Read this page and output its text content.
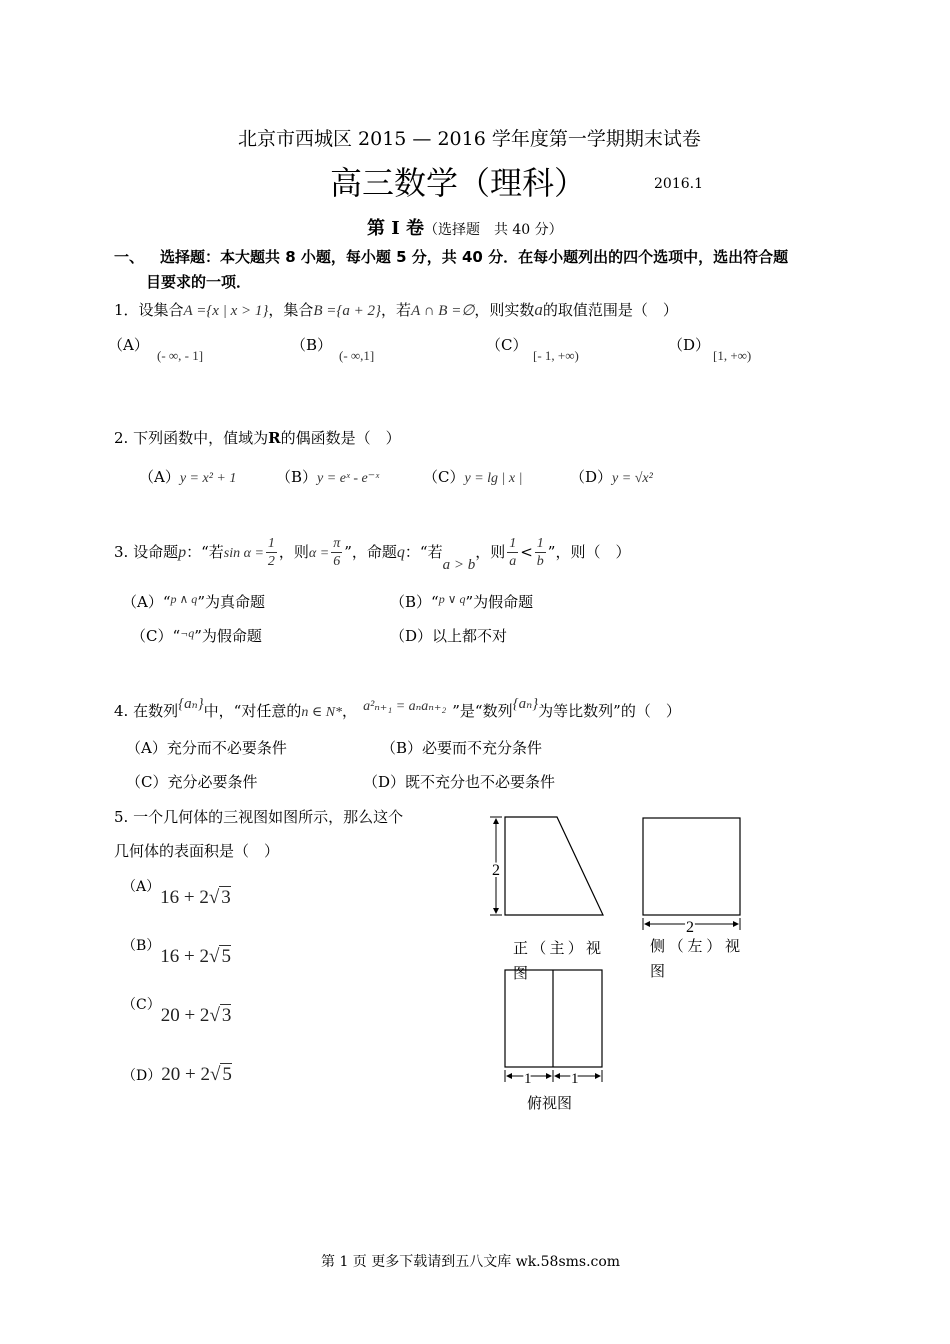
北京市西城区 2015 — 2016 学年度第一学期期末试卷
高三数学（理科）	2016.1
第 I 卷（选择题　共 40 分）
一、 选择题：本大题共 8 小题，每小题 5 分，共 40 分．在每小题列出的四个选项中，选出符合题
目要求的一项．
1．设集合A ={x | x > 1}，集合B ={a + 2}，若A ∩ B =∅，则实数a的取值范围是（　）
（A）
(- ∞, - 1]
（B）
(- ∞,1]
（C）
[- 1, +∞)
（D）
[1, +∞)
2. 下列函数中，值域为R的偶函数是（　）
（A）y = x² + 1	（B）y = eˣ - e⁻ˣ	（C）y = lg | x |	（D）y = √x²
3. 设命题p：“若$\sin \alpha = \frac{1}{2}$ ，则$\alpha = \frac{\pi}{6}$ ”，命题q：“若a > b，则 $\frac{1}{a} < \frac{1}{b}$ ”，则（　）
（A）“$^{p \wedge q}$”为真命题	（B）“$^{p \vee q}$”为假命题
（C）“$^{\neg q}$”为假命题	（D）以上都不对
4. 在数列{aₙ}中，“对任意的n ∈ N*， a²ₙ₊₁ = aₙaₙ₊₂ ”是“数列{aₙ}为等比数列”的（　）
（A）充分而不必要条件	（B）必要而不充分条件
（C）充分必要条件	（D）既不充分也不必要条件
5. 一个几何体的三视图如图所示，那么这个
几何体的表面积是（　）
（A）16 + 2√ 3
（B）16 + 2√ 5
（C）20 + 2√ 3
（D）20 + 2√ 5
2
正（主）视
图
2
侧（左）视
图
1	1
俯视图
第 1 页 更多下载请到五八文库 wk.58sms.com
